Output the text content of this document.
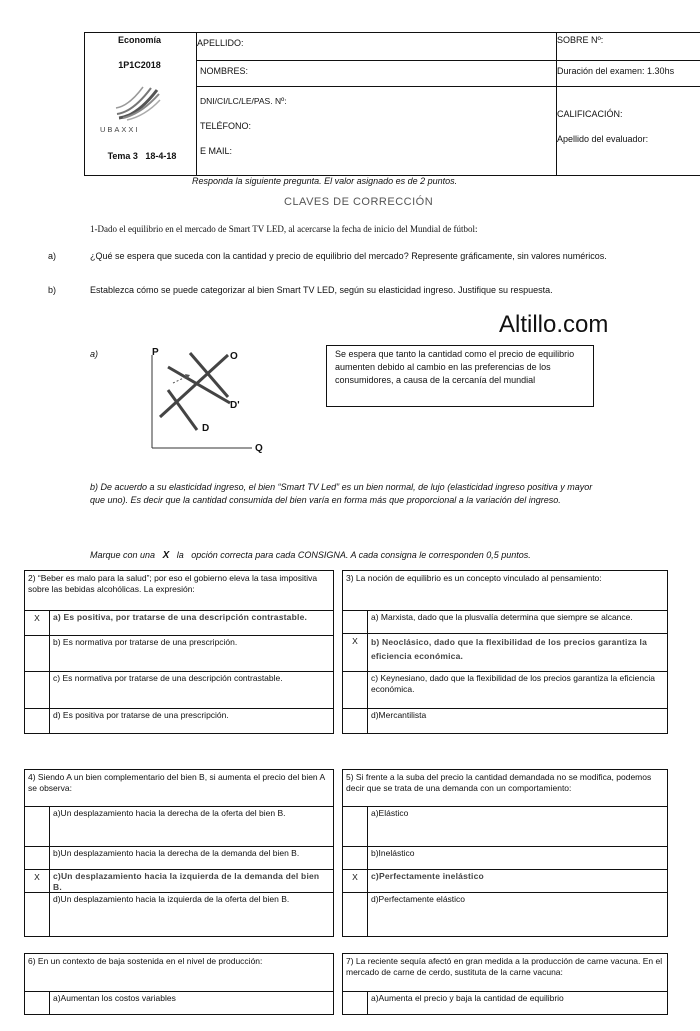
Economía
1P1C2018
UBAXXI
Tema 3   18-4-18
APELLIDO:
NOMBRES:
DNI/CI/LC/LE/PAS. Nº:
TELÉFONO:
E MAIL:
SOBRE Nº:
Duración del examen: 1.30hs
CALIFICACIÓN:
Apellido del evaluador:
Responda la siguiente pregunta. El valor asignado es de 2 puntos.
CLAVES DE CORRECCIÓN
1-Dado el equilibrio en el mercado de Smart TV LED, al acercarse la fecha de inicio del Mundial de fútbol:
a)	¿Qué se espera que suceda con la cantidad y precio de equilibrio del mercado? Represente gráficamente, sin valores numéricos.
b)	Establezca cómo se puede categorizar al bien Smart TV LED, según su elasticidad ingreso. Justifique su respuesta.
Altillo.com
a)	P	O
D'
D
Q
Se espera que tanto la cantidad como el precio de equilibrio aumenten debido al cambio en las preferencias de los consumidores, a causa de la cercanía del mundial
b) De acuerdo a su elasticidad ingreso, el bien “Smart TV Led” es un bien normal, de lujo (elasticidad ingreso positiva y mayor que uno). Es decir que la cantidad consumida del bien varía en forma más que proporcional a la variación del ingreso.
Marque con una X la   opción correcta para cada CONSIGNA. A cada consigna le corresponden 0,5 puntos.
2) “Beber es malo para la salud”; por eso el gobierno eleva la tasa impositiva sobre las bebidas alcohólicas. La expresión:
X	a) Es positiva, por tratarse de una descripción contrastable.
b) Es normativa por tratarse de una prescripción.
c) Es normativa por tratarse de una descripción contrastable.
d) Es positiva por tratarse de una prescripción.
3) La noción de equilibrio es un concepto vinculado al pensamiento:
a) Marxista, dado que la plusvalía determina que siempre se alcance.
X	b) Neoclásico, dado que la flexibilidad de los precios garantiza la eficiencia económica.
c) Keynesiano, dado que la flexibilidad de los precios garantiza la eficiencia económica.
d)Mercantilista
4) Siendo A un bien complementario del bien B, si aumenta el precio del bien A se observa:
a)Un desplazamiento hacia la derecha de la oferta del bien B.
b)Un desplazamiento hacia la derecha de la demanda del bien B.
X	c)Un desplazamiento hacia la izquierda de la demanda del bien B.
d)Un desplazamiento hacia la izquierda de la oferta del bien B.
5) Si frente a la suba del precio la cantidad demandada no se modifica, podemos decir que se trata de una demanda con un comportamiento:
a)Elástico
b)Inelástico
X	c)Perfectamente inelástico
d)Perfectamente elástico
6) En un contexto de baja sostenida en el nivel de producción:
a)Aumentan los costos variables
7) La reciente sequía afectó en gran medida a la producción de carne vacuna. En el mercado de carne de cerdo, sustituta de la carne vacuna:
a)Aumenta el precio y baja la cantidad de equilibrio
